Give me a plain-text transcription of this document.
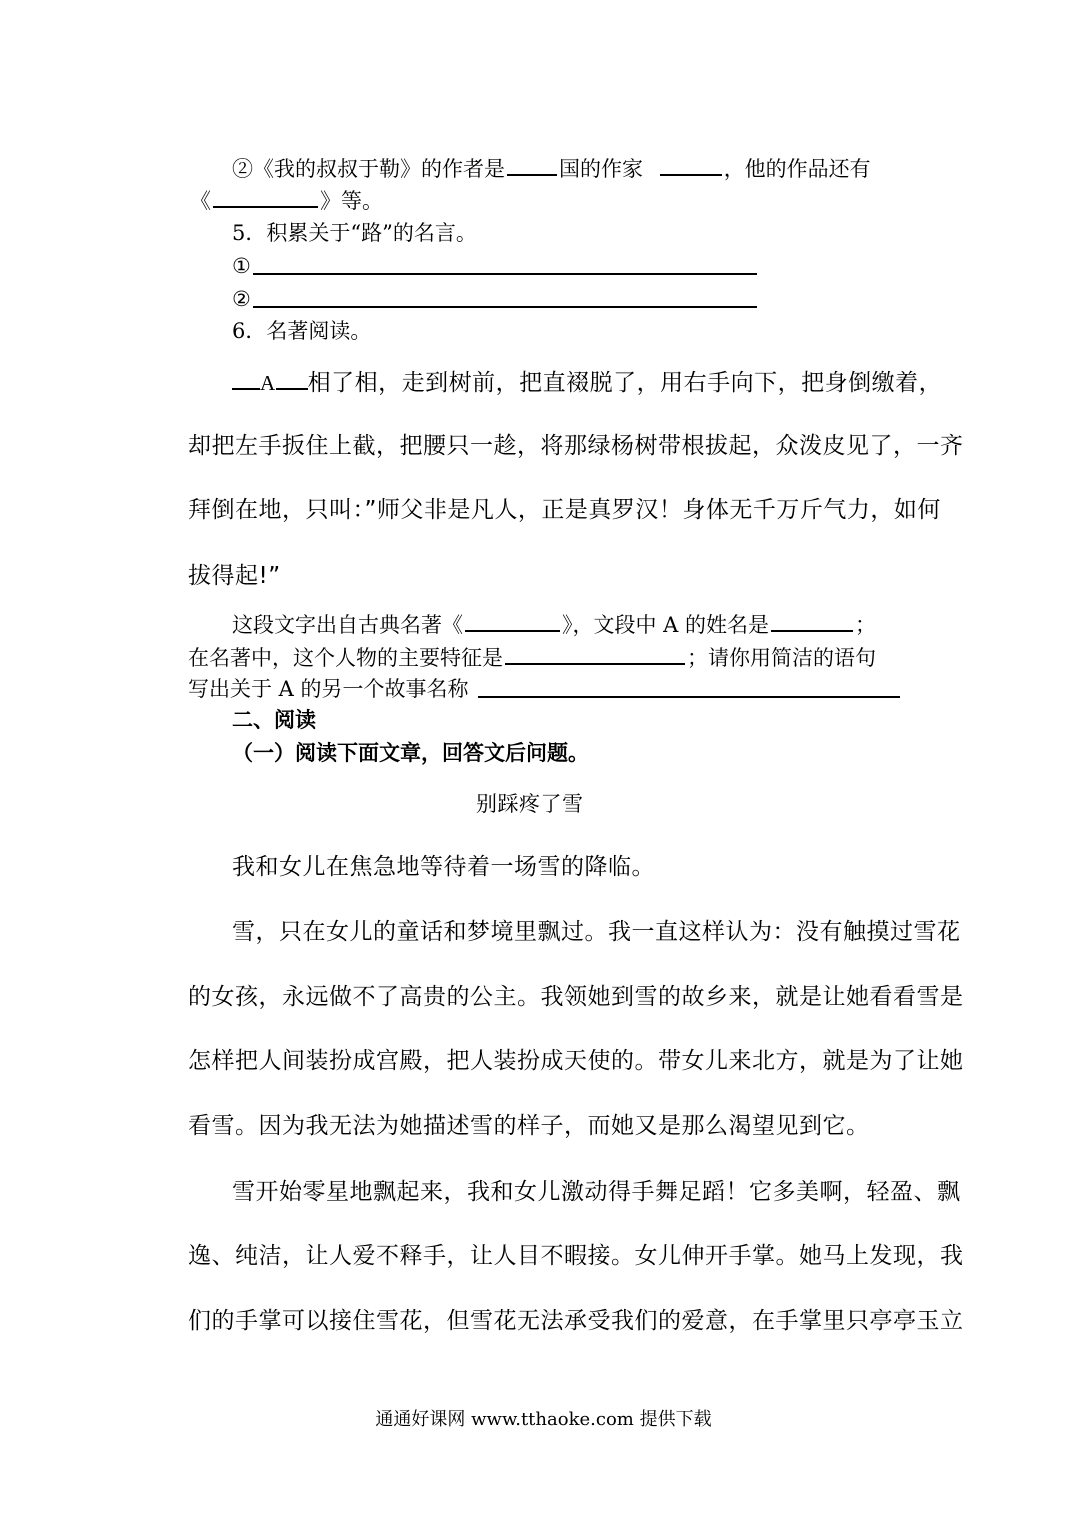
②《我的叔叔于勒》的作者是	国的作家	，他的作品还有
《	》等。
5．积累关于“路”的名言。
①
②
6．名著阅读。
A 相了相，走到树前，把直裰脱了，用右手向下，把身倒缴着，
却把左手扳住上截，把腰只一趁，将那绿杨树带根拔起，众泼皮见了，一齐
拜倒在地，只叫：”师父非是凡人，正是真罗汉！身体无千万斤气力，如何
拔得起!”
这段文字出自古典名著《	》，文段中 A 的姓名是	；
在名著中，这个人物的主要特征是	；请你用简洁的语句
写出关于 A 的另一个故事名称
二、阅读
（一）阅读下面文章，回答文后问题。
别踩疼了雪
我和女儿在焦急地等待着一场雪的降临。
雪，只在女儿的童话和梦境里飘过。我一直这样认为：没有触摸过雪花
的女孩，永远做不了高贵的公主。我领她到雪的故乡来，就是让她看看雪是
怎样把人间装扮成宫殿，把人装扮成天使的。带女儿来北方，就是为了让她
看雪。因为我无法为她描述雪的样子，而她又是那么渴望见到它。
雪开始零星地飘起来，我和女儿激动得手舞足蹈！它多美啊，轻盈、飘
逸、纯洁，让人爱不释手，让人目不暇接。女儿伸开手掌。她马上发现，我
们的手掌可以接住雪花，但雪花无法承受我们的爱意，在手掌里只亭亭玉立
通通好课网 www.tthaoke.com 提供下载
